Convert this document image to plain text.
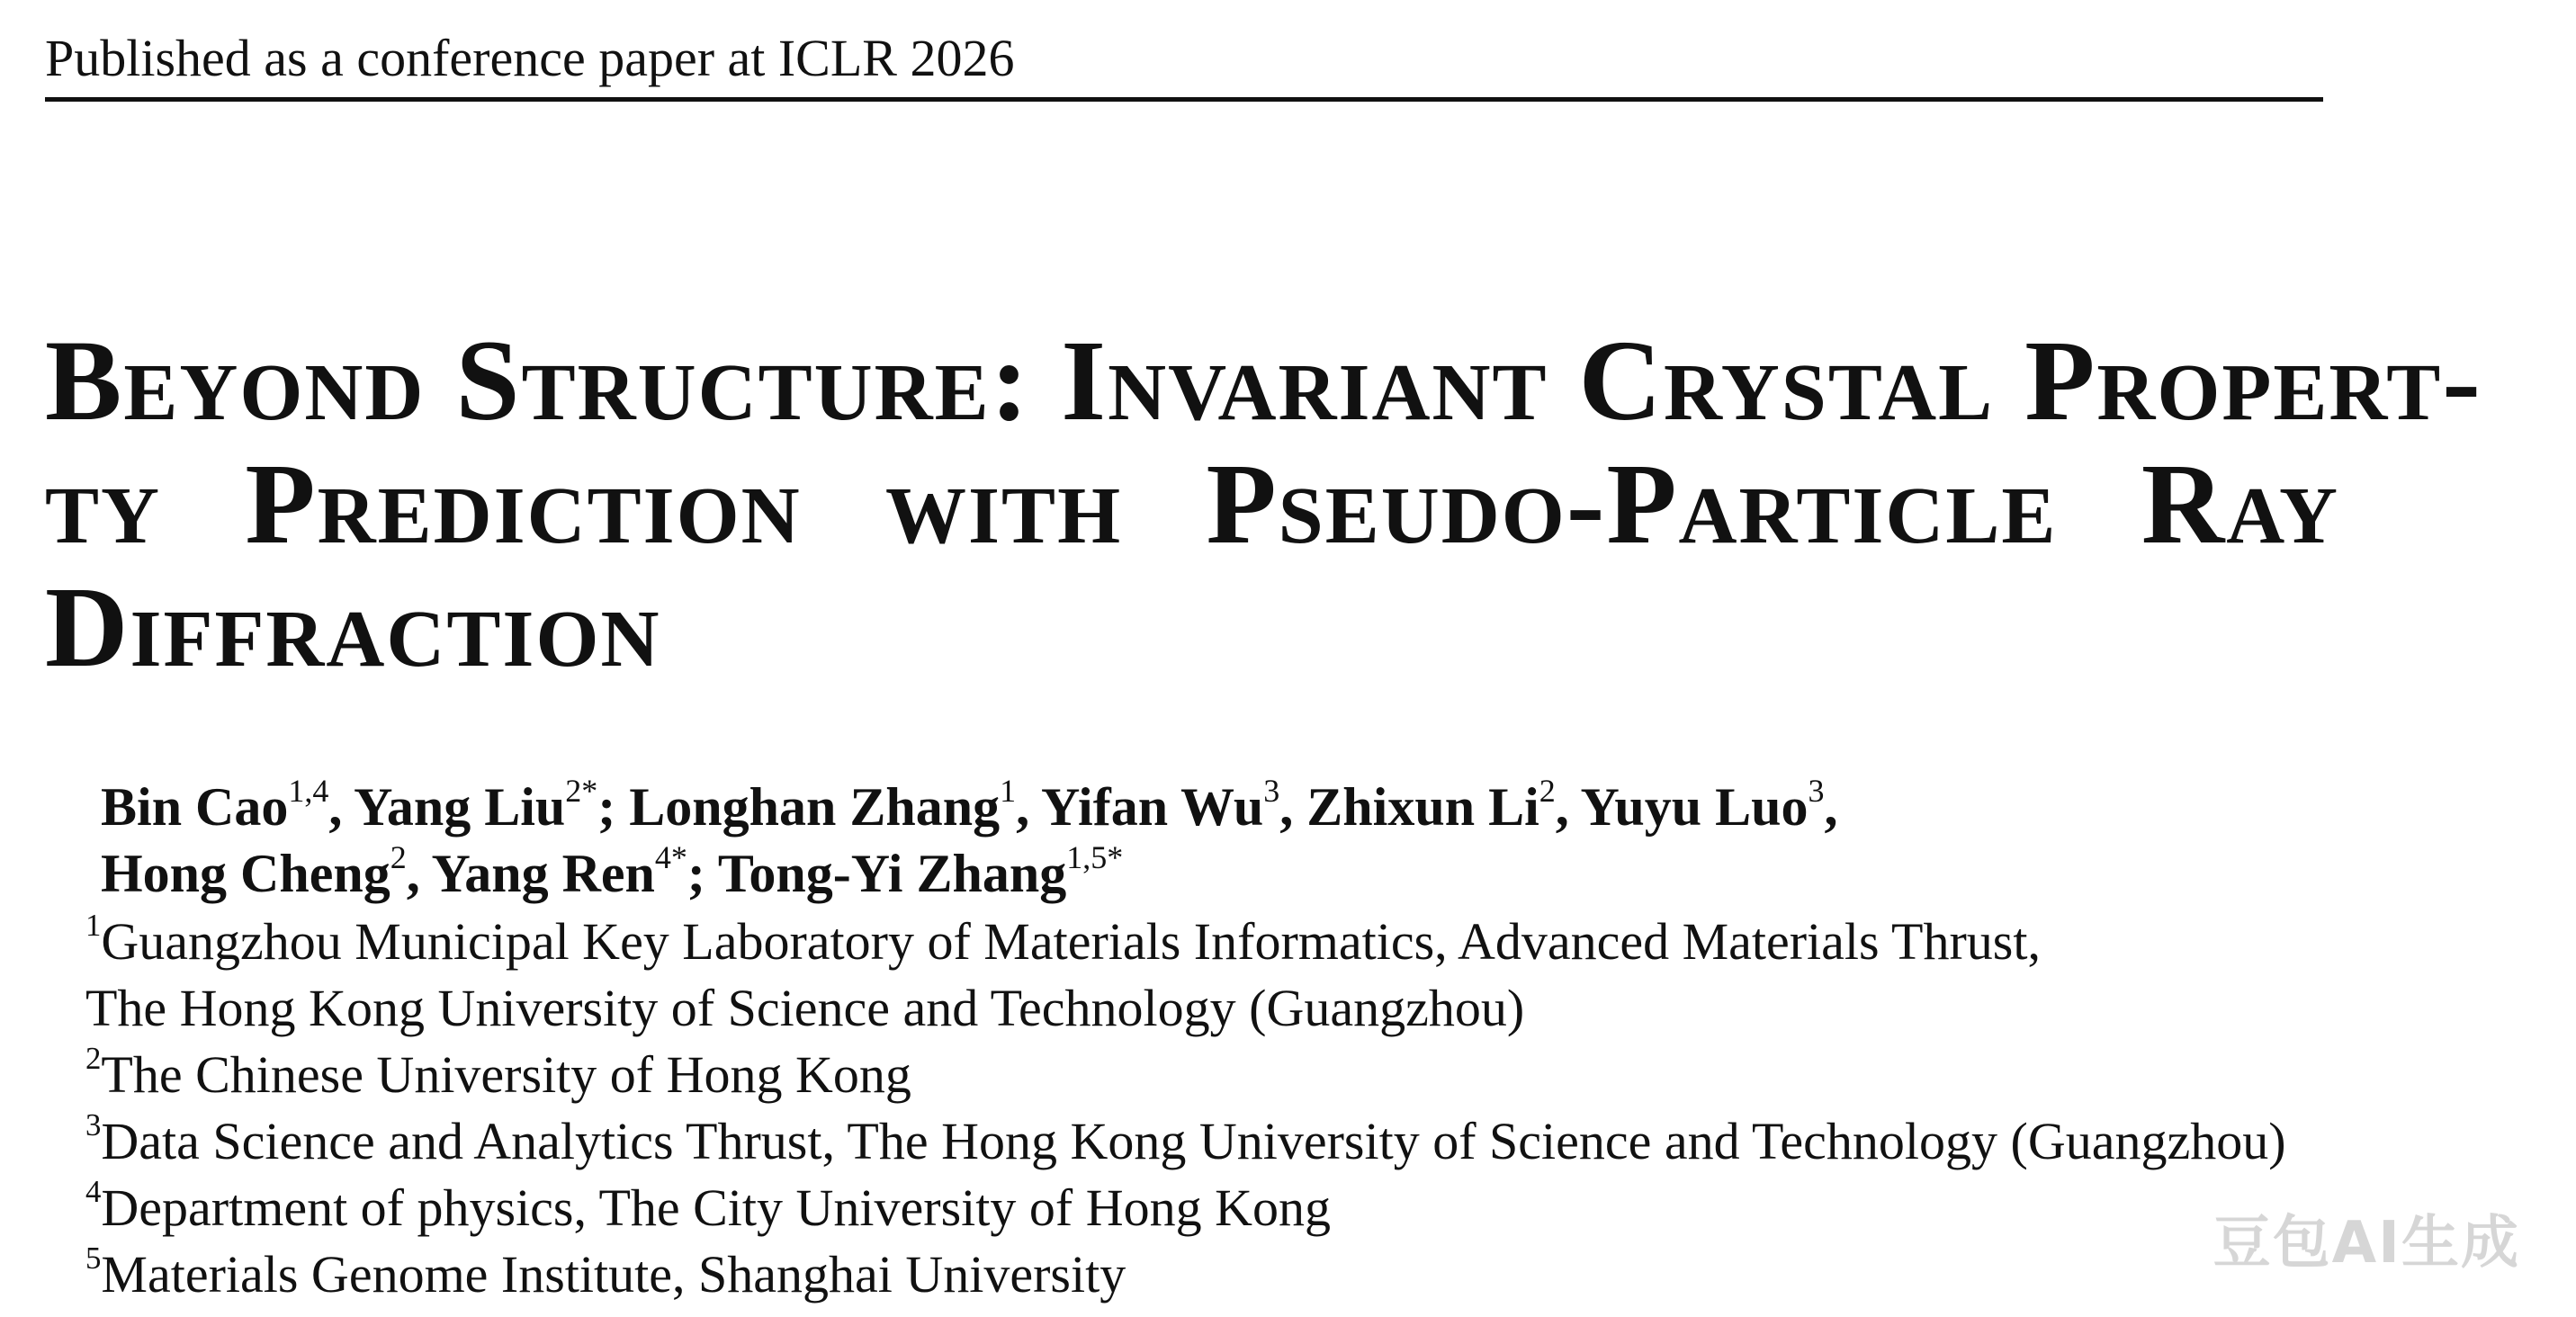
Published as a conference paper at ICLR 2026
Beyond Structure: Invariant Crystal Propert-
ty Prediction with Pseudo-Particle Ray
Diffraction
Bin Cao$^{1,4}$, Yang Liu$^{2*}$; Longhan Zhang$^1$, Yifan Wu$^3$, Zhixun Li$^2$, Yuyu Luo$^3$,
Hong Cheng$^2$, Yang Ren$^{4*}$; Tong-Yi Zhang$^{1,5*}$
$^1$Guangzhou Municipal Key Laboratory of Materials Informatics, Advanced Materials Thrust,
The Hong Kong University of Science and Technology (Guangzhou)
$^2$The Chinese University of Hong Kong
$^3$Data Science and Analytics Thrust, The Hong Kong University of Science and Technology (Guangzhou)
$^4$Department of physics, The City University of Hong Kong
$^5$Materials Genome Institute, Shanghai University	豆包AI生成
